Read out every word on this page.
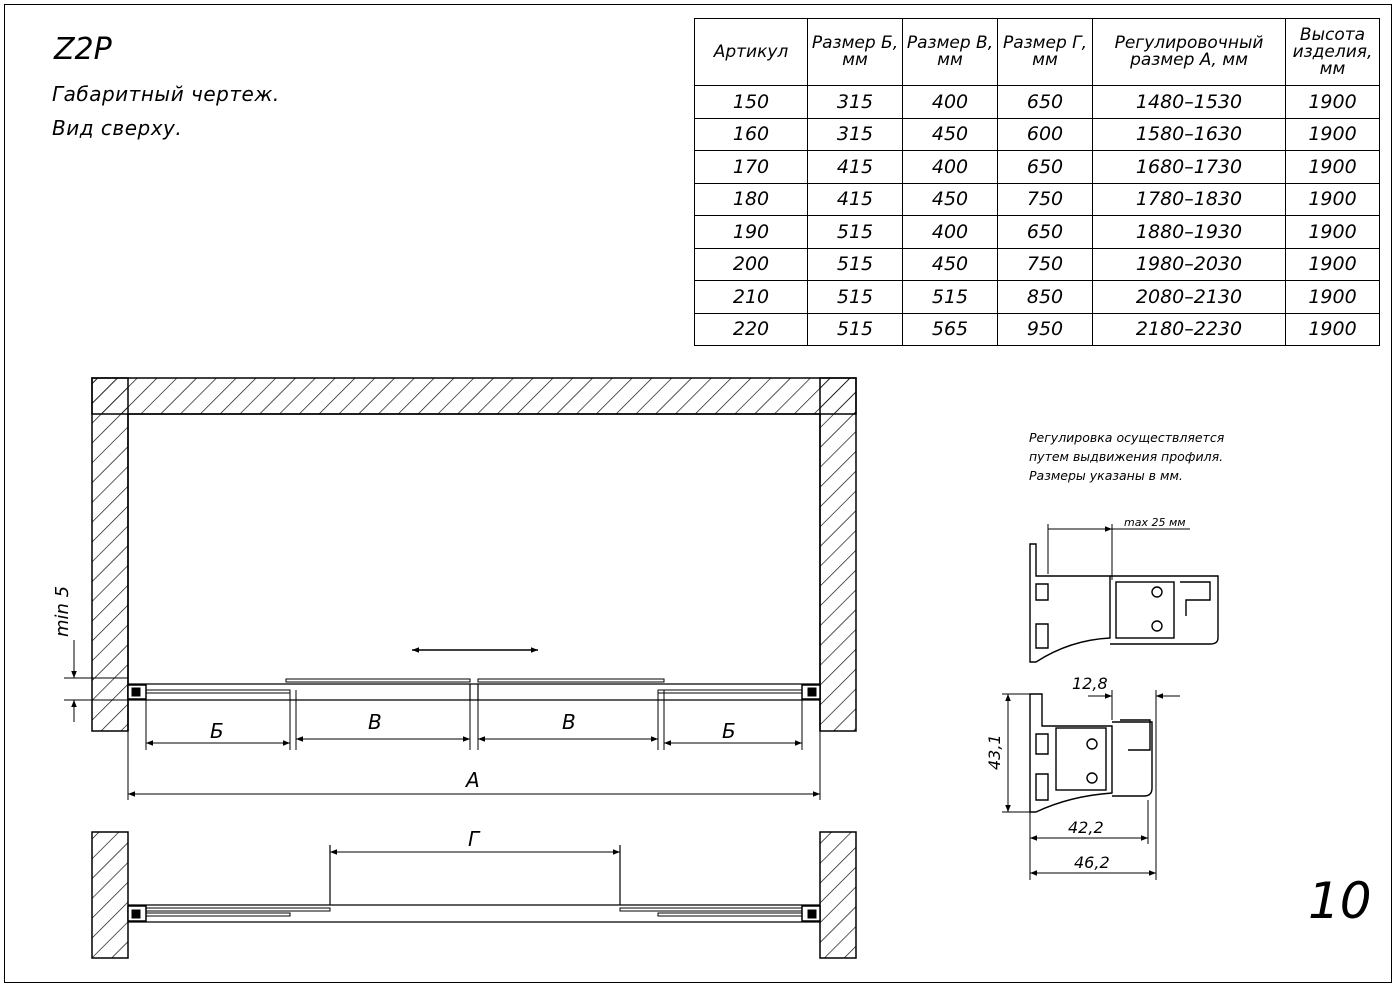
Z2P
Габаритный чертеж.
Вид сверху.
Артикул	Размер Б, мм	Размер В, мм	Размер Г, мм	Регулировочный размер А, мм	Высота изделия, мм
150	315	400	650	1480–1530	1900
160	315	450	600	1580–1630	1900
170	415	400	650	1680–1730	1900
180	415	450	750	1780–1830	1900
190	515	400	650	1880–1930	1900
200	515	450	750	1980–2030	1900
210	515	515	850	2080–2130	1900
220	515	565	950	2180–2230	1900
Регулировка осуществляется
путем выдвижения профиля.
Размеры указаны в мм.
10
min 5
Б	В	В	Б
А
Г
max 25 мм
12,8
43,1
42,2
46,2
